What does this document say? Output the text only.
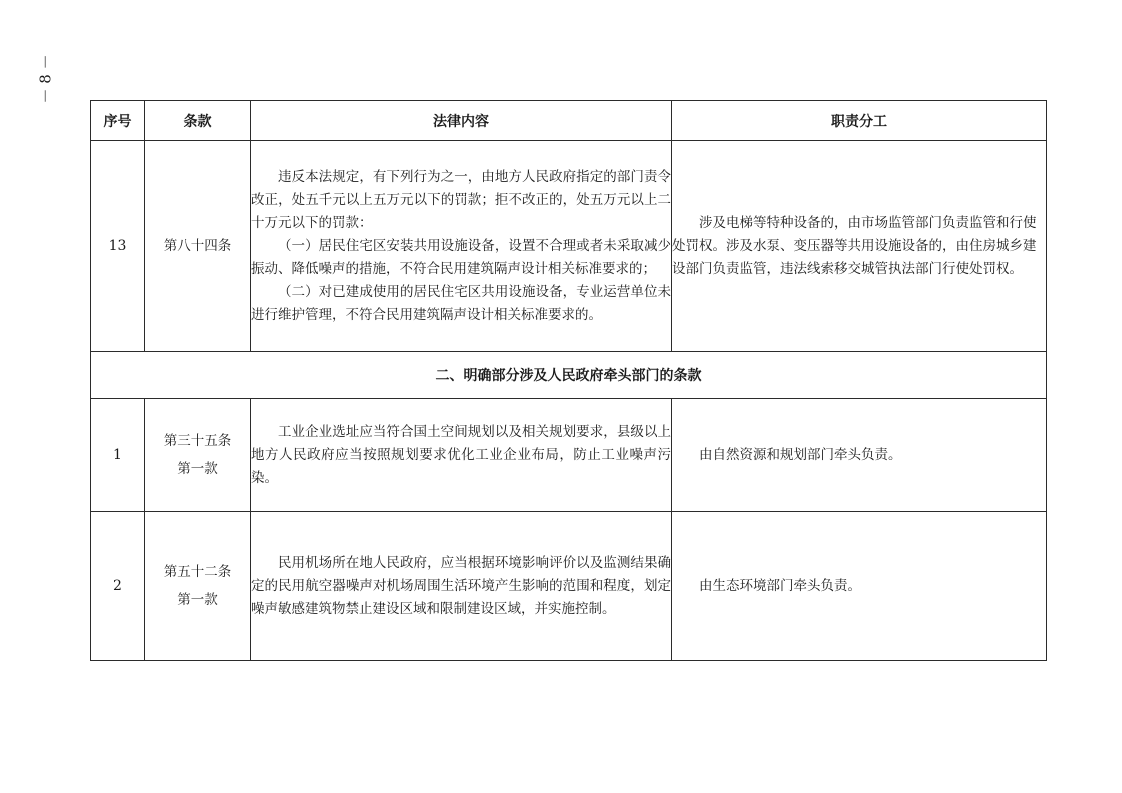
－ 8 －
序号	条款	法律内容	职责分工
13	第八十四条	违反本法规定，有下列行为之一，由地方人民政府指定的部门责令改正，处五千元以上五万元以下的罚款；拒不改正的，处五万元以上二十万元以下的罚款：

（一）居民住宅区安装共用设施设备，设置不合理或者未采取减少振动、降低噪声的措施，不符合民用建筑隔声设计相关标准要求的；

（二）对已建成使用的居民住宅区共用设施设备，专业运营单位未进行维护管理，不符合民用建筑隔声设计相关标准要求的。	涉及电梯等特种设备的，由市场监管部门负责监管和行使处罚权。涉及水泵、变压器等共用设施设备的，由住房城乡建设部门负责监管，违法线索移交城管执法部门行使处罚权。

二、明确部分涉及人民政府牵头部门的条款			
1	第三十五条
第一款	工业企业选址应当符合国土空间规划以及相关规划要求，县级以上地方人民政府应当按照规划要求优化工业企业布局，防止工业噪声污染。	由自然资源和规划部门牵头负责。

2	第五十二条
第一款	民用机场所在地人民政府，应当根据环境影响评价以及监测结果确定的民用航空器噪声对机场周围生活环境产生影响的范围和程度，划定噪声敏感建筑物禁止建设区域和限制建设区域，并实施控制。	由生态环境部门牵头负责。
